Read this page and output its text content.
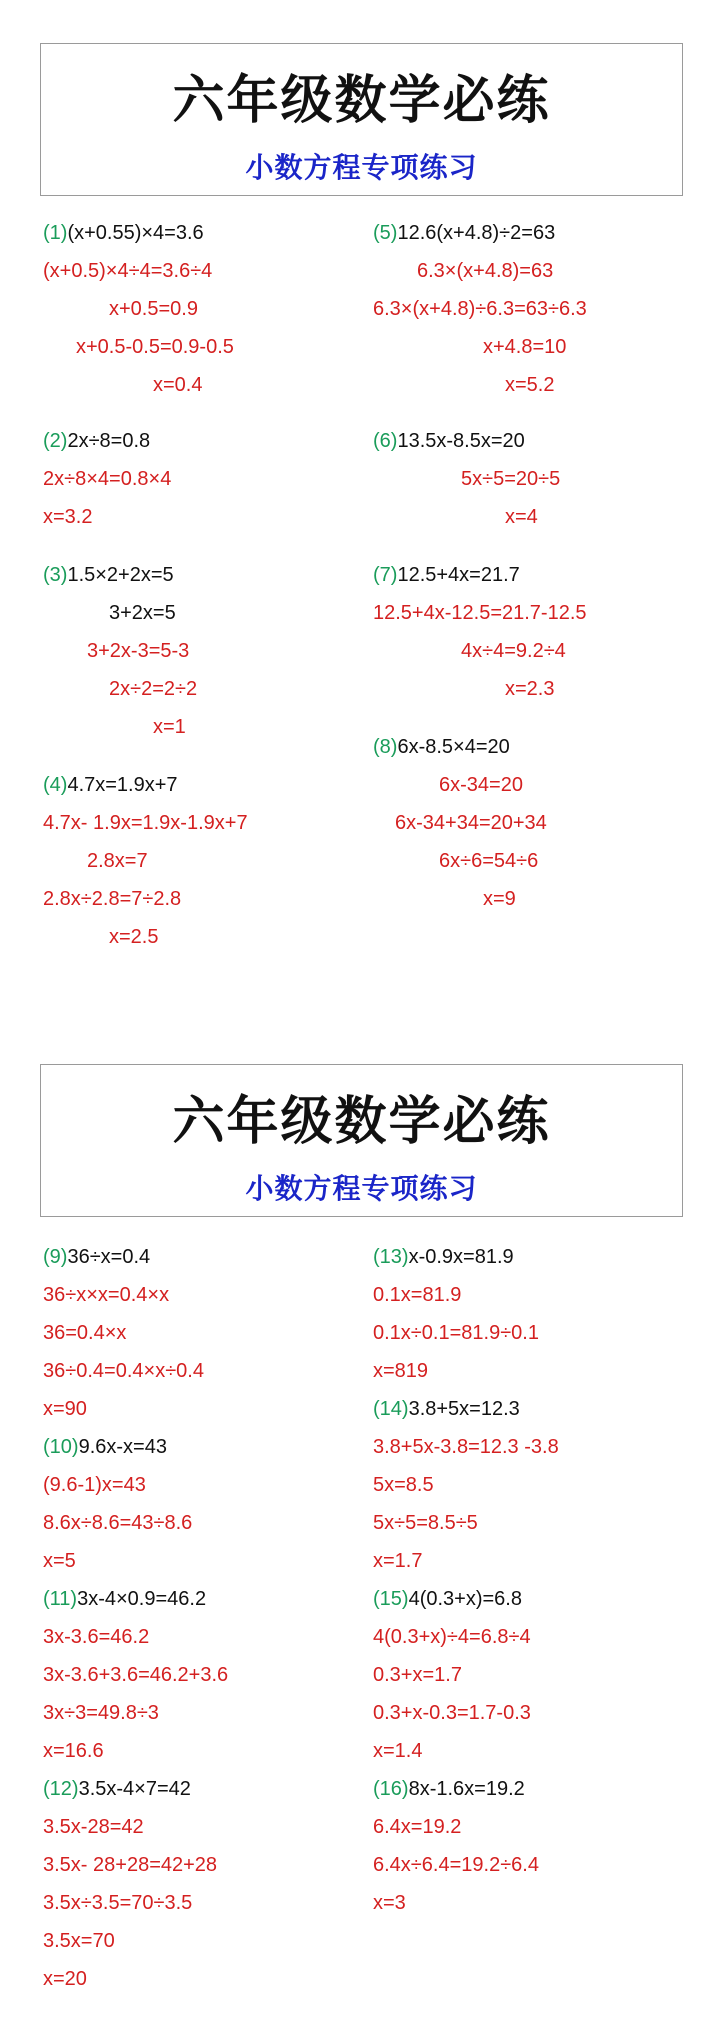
六年级数学必练
小数方程专项练习
(1)(x+0.55)×4=3.6
(x+0.5)×4÷4=3.6÷4
x+0.5=0.9
x+0.5-0.5=0.9-0.5
x=0.4
(2)2x÷8=0.8
2x÷8×4=0.8×4
x=3.2
(3)1.5×2+2x=5
3+2x=5
3+2x-3=5-3
2x÷2=2÷2
x=1
(4)4.7x=1.9x+7
4.7x- 1.9x=1.9x-1.9x+7
2.8x=7
2.8x÷2.8=7÷2.8
x=2.5
(5)12.6(x+4.8)÷2=63
6.3×(x+4.8)=63
6.3×(x+4.8)÷6.3=63÷6.3
x+4.8=10
x=5.2
(6)13.5x-8.5x=20
5x÷5=20÷5
x=4
(7)12.5+4x=21.7
12.5+4x-12.5=21.7-12.5
4x÷4=9.2÷4
x=2.3
(8)6x-8.5×4=20
6x-34=20
6x-34+34=20+34
6x÷6=54÷6
x=9
六年级数学必练
小数方程专项练习
(9)36÷x=0.4
36÷x×x=0.4×x
36=0.4×x
36÷0.4=0.4×x÷0.4
x=90
(10)9.6x-x=43
(9.6-1)x=43
8.6x÷8.6=43÷8.6
x=5
(11)3x-4×0.9=46.2
3x-3.6=46.2
3x-3.6+3.6=46.2+3.6
3x÷3=49.8÷3
x=16.6
(12)3.5x-4×7=42
3.5x-28=42
3.5x- 28+28=42+28
3.5x÷3.5=70÷3.5
3.5x=70
x=20
(13)x-0.9x=81.9
0.1x=81.9
0.1x÷0.1=81.9÷0.1
x=819
(14)3.8+5x=12.3
3.8+5x-3.8=12.3 -3.8
5x=8.5
5x÷5=8.5÷5
x=1.7
(15)4(0.3+x)=6.8
4(0.3+x)÷4=6.8÷4
0.3+x=1.7
0.3+x-0.3=1.7-0.3
x=1.4
(16)8x-1.6x=19.2
6.4x=19.2
6.4x÷6.4=19.2÷6.4
x=3
